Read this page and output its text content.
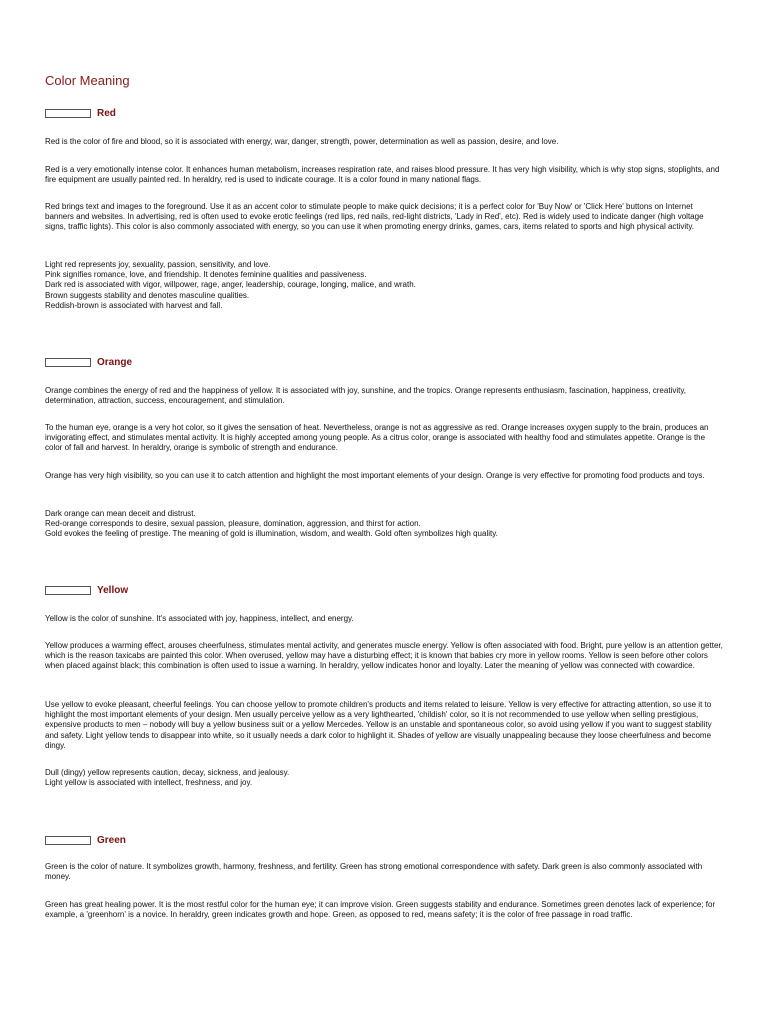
Color Meaning
Red
Red is the color of fire and blood, so it is associated with energy, war, danger, strength, power, determination as well as passion, desire, and love.
Red is a very emotionally intense color. It enhances human metabolism, increases respiration rate, and raises blood pressure. It has very high visibility, which is why stop signs, stoplights, and fire equipment are usually painted red. In heraldry, red is used to indicate courage. It is a color found in many national flags.
Red brings text and images to the foreground. Use it as an accent color to stimulate people to make quick decisions; it is a perfect color for 'Buy Now' or 'Click Here' buttons on Internet banners and websites. In advertising, red is often used to evoke erotic feelings (red lips, red nails, red-light districts, 'Lady in Red', etc). Red is widely used to indicate danger (high voltage signs, traffic lights). This color is also commonly associated with energy, so you can use it when promoting energy drinks, games, cars, items related to sports and high physical activity.
Light red represents joy, sexuality, passion, sensitivity, and love.
Pink signifies romance, love, and friendship. It denotes feminine qualities and passiveness.
Dark red is associated with vigor, willpower, rage, anger, leadership, courage, longing, malice, and wrath.
Brown suggests stability and denotes masculine qualities.
Reddish-brown is associated with harvest and fall.
Orange
Orange combines the energy of red and the happiness of yellow. It is associated with joy, sunshine, and the tropics. Orange represents enthusiasm, fascination, happiness, creativity, determination, attraction, success, encouragement, and stimulation.
To the human eye, orange is a very hot color, so it gives the sensation of heat. Nevertheless, orange is not as aggressive as red. Orange increases oxygen supply to the brain, produces an invigorating effect, and stimulates mental activity. It is highly accepted among young people. As a citrus color, orange is associated with healthy food and stimulates appetite. Orange is the color of fall and harvest. In heraldry, orange is symbolic of strength and endurance.
Orange has very high visibility, so you can use it to catch attention and highlight the most important elements of your design. Orange is very effective for promoting food products and toys.
Dark orange can mean deceit and distrust.
Red-orange corresponds to desire, sexual passion, pleasure, domination, aggression, and thirst for action.
Gold evokes the feeling of prestige. The meaning of gold is illumination, wisdom, and wealth. Gold often symbolizes high quality.
Yellow
Yellow is the color of sunshine. It's associated with joy, happiness, intellect, and energy.
Yellow produces a warming effect, arouses cheerfulness, stimulates mental activity, and generates muscle energy. Yellow is often associated with food. Bright, pure yellow is an attention getter, which is the reason taxicabs are painted this color. When overused, yellow may have a disturbing effect; it is known that babies cry more in yellow rooms. Yellow is seen before other colors when placed against black; this combination is often used to issue a warning. In heraldry, yellow indicates honor and loyalty. Later the meaning of yellow was connected with cowardice.
Use yellow to evoke pleasant, cheerful feelings. You can choose yellow to promote children's products and items related to leisure. Yellow is very effective for attracting attention, so use it to highlight the most important elements of your design. Men usually perceive yellow as a very lighthearted, 'childish' color, so it is not recommended to use yellow when selling prestigious, expensive products to men – nobody will buy a yellow business suit or a yellow Mercedes. Yellow is an unstable and spontaneous color, so avoid using yellow if you want to suggest stability and safety. Light yellow tends to disappear into white, so it usually needs a dark color to highlight it. Shades of yellow are visually unappealing because they loose cheerfulness and become dingy.
Dull (dingy) yellow represents caution, decay, sickness, and jealousy.
Light yellow is associated with intellect, freshness, and joy.
Green
Green is the color of nature. It symbolizes growth, harmony, freshness, and fertility. Green has strong emotional correspondence with safety. Dark green is also commonly associated with money.
Green has great healing power. It is the most restful color for the human eye; it can improve vision. Green suggests stability and endurance. Sometimes green denotes lack of experience; for example, a 'greenhorn' is a novice. In heraldry, green indicates growth and hope. Green, as opposed to red, means safety; it is the color of free passage in road traffic.
